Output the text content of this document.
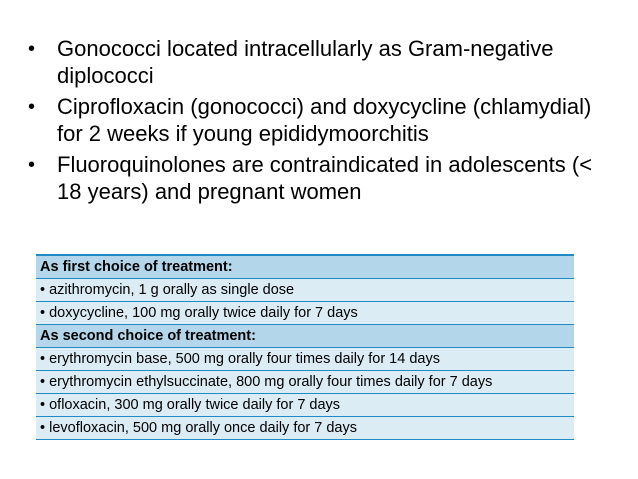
• Gonococci located intracellularly as Gram-negative diplococci
• Ciprofloxacin (gonococci) and doxycycline (chlamydial) for 2 weeks if young epididymoorchitis
• Fluoroquinolones are contraindicated in adolescents (< 18 years) and pregnant women
As first choice of treatment:
• azithromycin, 1 g orally as single dose
• doxycycline, 100 mg orally twice daily for 7 days
As second choice of treatment:
• erythromycin base, 500 mg orally four times daily for 14 days
• erythromycin ethylsuccinate, 800 mg orally four times daily for 7 days
• ofloxacin, 300 mg orally twice daily for 7 days
• levofloxacin, 500 mg orally once daily for 7 days
